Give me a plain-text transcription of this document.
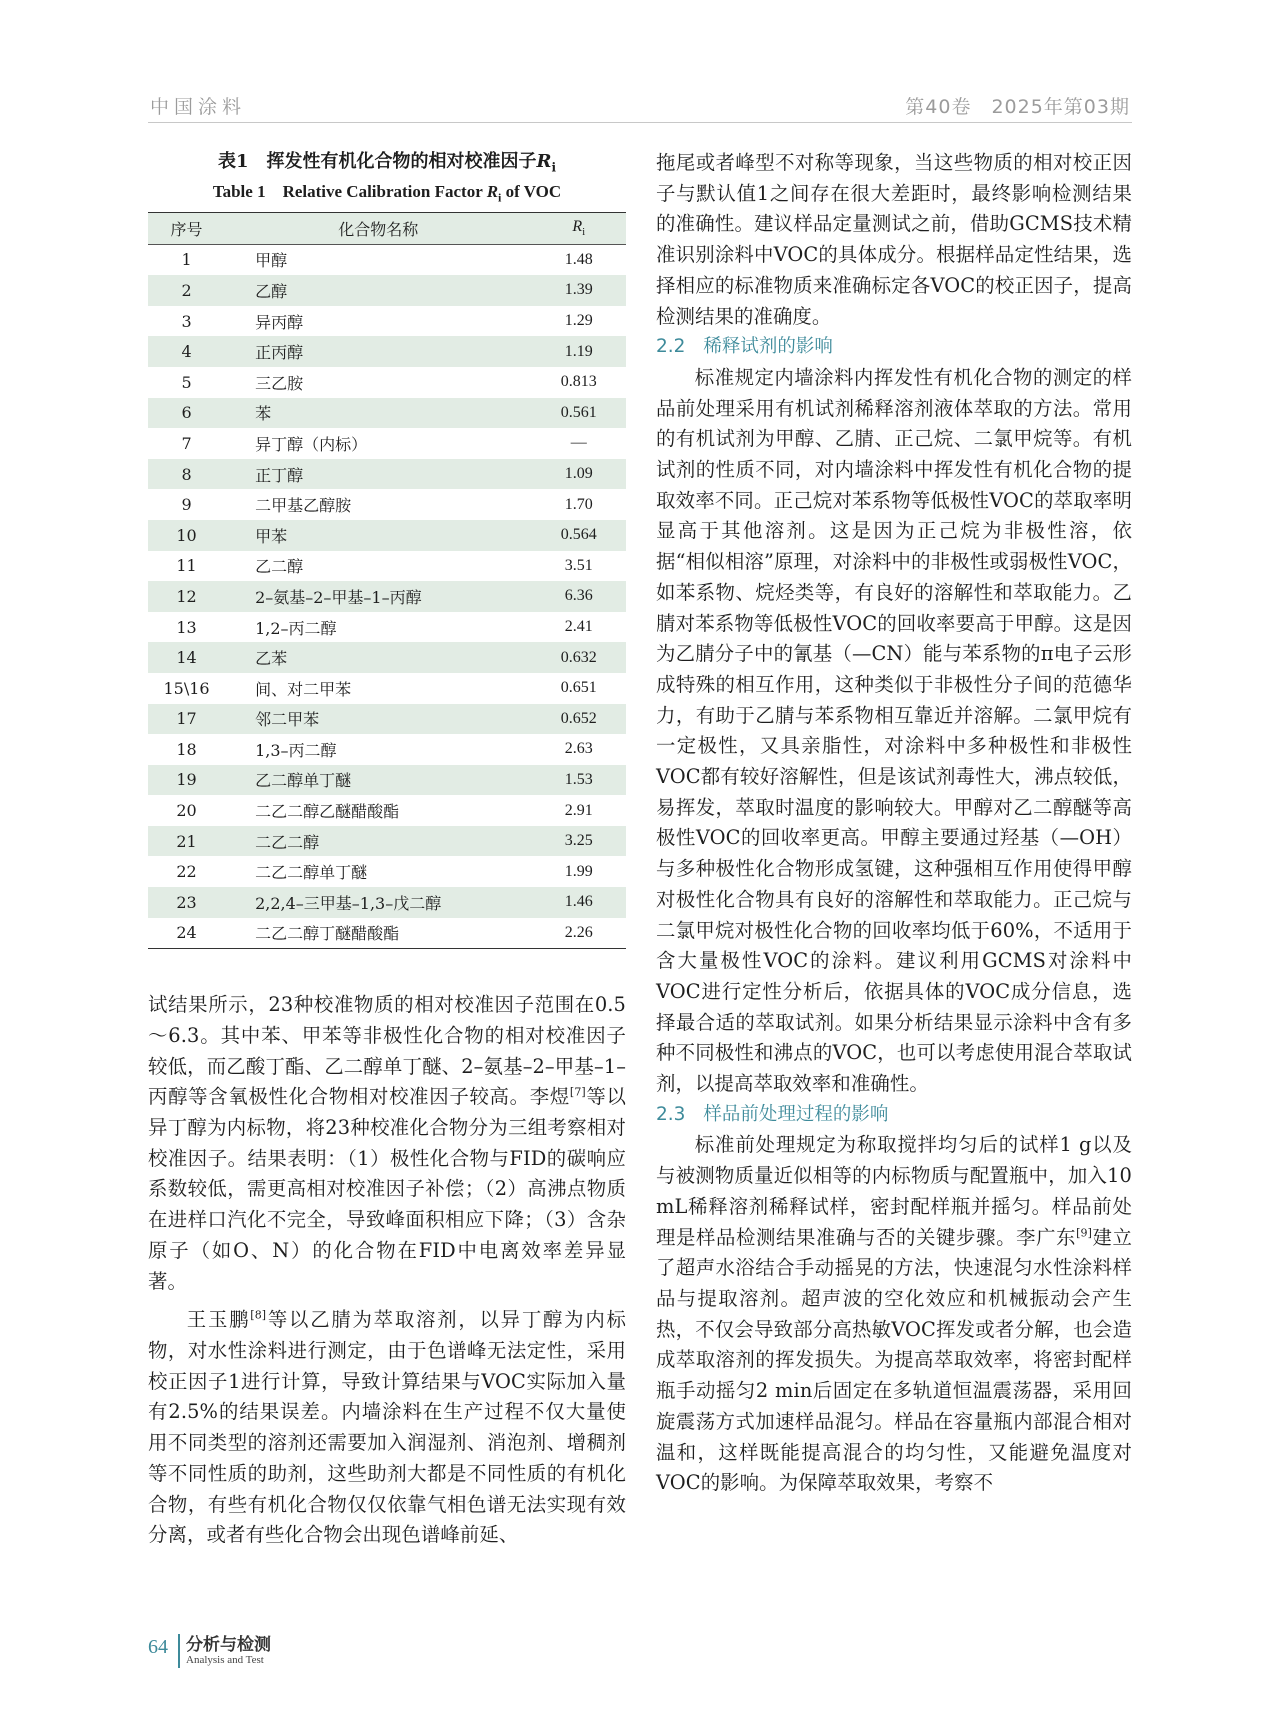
中国涂料	第40卷　2025年第03期
表1　挥发性有机化合物的相对校准因子$R_i$
Table 1　Relative Calibration Factor $R_i$ of VOC
序号	化合物名称	$R_i$
1	甲醇	1.48
2	乙醇	1.39
3	异丙醇	1.29
4	正丙醇	1.19
5	三乙胺	0.813
6	苯	0.561
7	异丁醇（内标）	—
8	正丁醇	1.09
9	二甲基乙醇胺	1.70
10	甲苯	0.564
11	乙二醇	3.51
12	2–氨基–2–甲基–1–丙醇	6.36
13	1,2–丙二醇	2.41
14	乙苯	0.632
15\16	间、对二甲苯	0.651
17	邻二甲苯	0.652
18	1,3–丙二醇	2.63
19	乙二醇单丁醚	1.53
20	二乙二醇乙醚醋酸酯	2.91
21	二乙二醇	3.25
22	二乙二醇单丁醚	1.99
23	2,2,4–三甲基–1,3–戊二醇	1.46
24	二乙二醇丁醚醋酸酯	2.26

试结果所示，23种校准物质的相对校准因子范围在0.5～6.3。其中苯、甲苯等非极性化合物的相对校准因子较低，而乙酸丁酯、乙二醇单丁醚、2–氨基–2–甲基–1–丙醇等含氧极性化合物相对校准因子较高。李煜[7]等以异丁醇为内标物，将23种校准化合物分为三组考察相对校准因子。结果表明：（1）极性化合物与FID的碳响应系数较低，需更高相对校准因子补偿；（2）高沸点物质在进样口汽化不完全，导致峰面积相应下降；（3）含杂原子（如O、N）的化合物在FID中电离效率差异显著。

王玉鹏[8]等以乙腈为萃取溶剂，以异丁醇为内标物，对水性涂料进行测定，由于色谱峰无法定性，采用校正因子1进行计算，导致计算结果与VOC实际加入量有2.5%的结果误差。内墙涂料在生产过程不仅大量使用不同类型的溶剂还需要加入润湿剂、消泡剂、增稠剂等不同性质的助剂，这些助剂大都是不同性质的有机化合物，有些有机化合物仅仅依靠气相色谱无法实现有效分离，或者有些化合物会出现色谱峰前延、

拖尾或者峰型不对称等现象，当这些物质的相对校正因子与默认值1之间存在很大差距时，最终影响检测结果的准确性。建议样品定量测试之前，借助GCMS技术精准识别涂料中VOC的具体成分。根据样品定性结果，选择相应的标准物质来准确标定各VOC的校正因子，提高检测结果的准确度。

2.2 稀释试剂的影响

标准规定内墙涂料内挥发性有机化合物的测定的样品前处理采用有机试剂稀释溶剂液体萃取的方法。常用的有机试剂为甲醇、乙腈、正己烷、二氯甲烷等。有机试剂的性质不同，对内墙涂料中挥发性有机化合物的提取效率不同。正己烷对苯系物等低极性VOC的萃取率明显高于其他溶剂。这是因为正己烷为非极性溶，依据“相似相溶”原理，对涂料中的非极性或弱极性VOC，如苯系物、烷烃类等，有良好的溶解性和萃取能力。乙腈对苯系物等低极性VOC的回收率要高于甲醇。这是因为乙腈分子中的氰基（—CN）能与苯系物的π电子云形成特殊的相互作用，这种类似于非极性分子间的范德华力，有助于乙腈与苯系物相互靠近并溶解。二氯甲烷有一定极性，又具亲脂性，对涂料中多种极性和非极性VOC都有较好溶解性，但是该试剂毒性大，沸点较低，易挥发，萃取时温度的影响较大。甲醇对乙二醇醚等高极性VOC的回收率更高。甲醇主要通过羟基（—OH）与多种极性化合物形成氢键，这种强相互作用使得甲醇对极性化合物具有良好的溶解性和萃取能力。正己烷与二氯甲烷对极性化合物的回收率均低于60%，不适用于含大量极性VOC的涂料。建议利用GCMS对涂料中VOC进行定性分析后，依据具体的VOC成分信息，选择最合适的萃取试剂。如果分析结果显示涂料中含有多种不同极性和沸点的VOC，也可以考虑使用混合萃取试剂，以提高萃取效率和准确性。

2.3 样品前处理过程的影响

标准前处理规定为称取搅拌均匀后的试样1 g以及与被测物质量近似相等的内标物质与配置瓶中，加入10 mL稀释溶剂稀释试样，密封配样瓶并摇匀。样品前处理是样品检测结果准确与否的关键步骤。李广东[9]建立了超声水浴结合手动摇晃的方法，快速混匀水性涂料样品与提取溶剂。超声波的空化效应和机械振动会产生热，不仅会导致部分高热敏VOC挥发或者分解，也会造成萃取溶剂的挥发损失。为提高萃取效率，将密封配样瓶手动摇匀2 min后固定在多轨道恒温震荡器，采用回旋震荡方式加速样品混匀。样品在容量瓶内部混合相对温和，这样既能提高混合的均匀性，又能避免温度对VOC的影响。为保障萃取效果，考察不

64 分析与检测
Analysis and Test
